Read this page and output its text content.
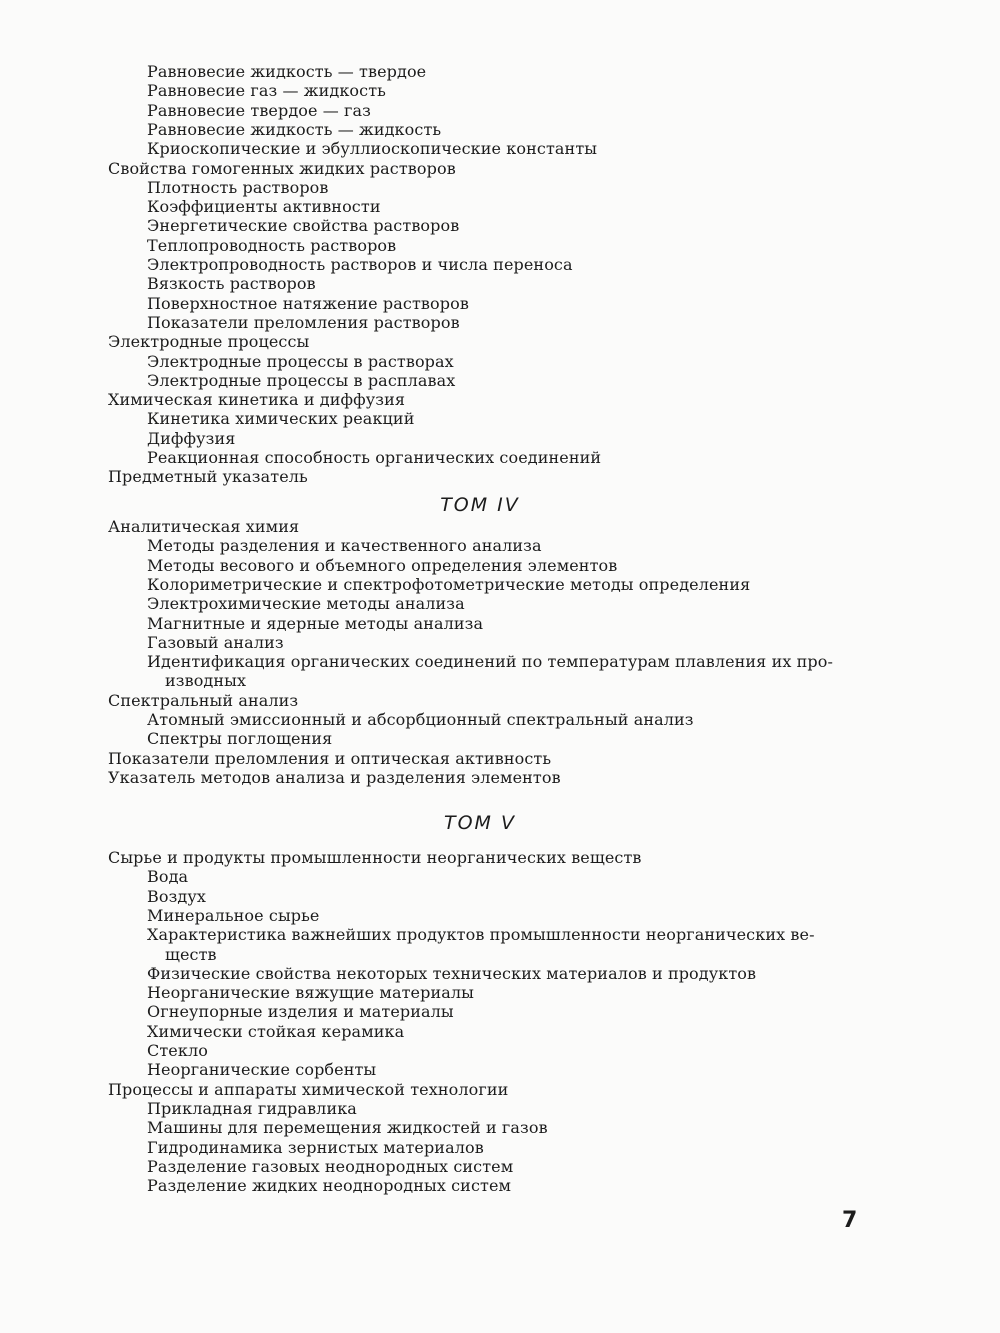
Равновесие жидкость — твердое
Равновесие газ — жидкость
Равновесие твердое — газ
Равновесие жидкость — жидкость
Криоскопические и эбуллиоскопические константы
Свойства гомогенных жидких растворов
Плотность растворов
Коэффициенты активности
Энергетические свойства растворов
Теплопроводность растворов
Электропроводность растворов и числа переноса
Вязкость растворов
Поверхностное натяжение растворов
Показатели преломления растворов
Электродные процессы
Электродные процессы в растворах
Электродные процессы в расплавах
Химическая кинетика и диффузия
Кинетика химических реакций
Диффузия
Реакционная способность органических соединений
Предметный указатель
ТОМ IV
Аналитическая химия
Методы разделения и качественного анализа
Методы весового и объемного определения элементов
Колориметрические и спектрофотометрические методы определения
Электрохимические методы анализа
Магнитные и ядерные методы анализа
Газовый анализ
Идентификация органических соединений по температурам плавления их про-
изводных
Спектральный анализ
Атомный эмиссионный и абсорбционный спектральный анализ
Спектры поглощения
Показатели преломления и оптическая активность
Указатель методов анализа и разделения элементов
ТОМ V
Сырье и продукты промышленности неорганических веществ
Вода
Воздух
Минеральное сырье
Характеристика важнейших продуктов промышленности неорганических ве-
ществ
Физические свойства некоторых технических материалов и продуктов
Неорганические вяжущие материалы
Огнеупорные изделия и материалы
Химически стойкая керамика
Стекло
Неорганические сорбенты
Процессы и аппараты химической технологии
Прикладная гидравлика
Машины для перемещения жидкостей и газов
Гидродинамика зернистых материалов
Разделение газовых неоднородных систем
Разделение жидких неоднородных систем
7
